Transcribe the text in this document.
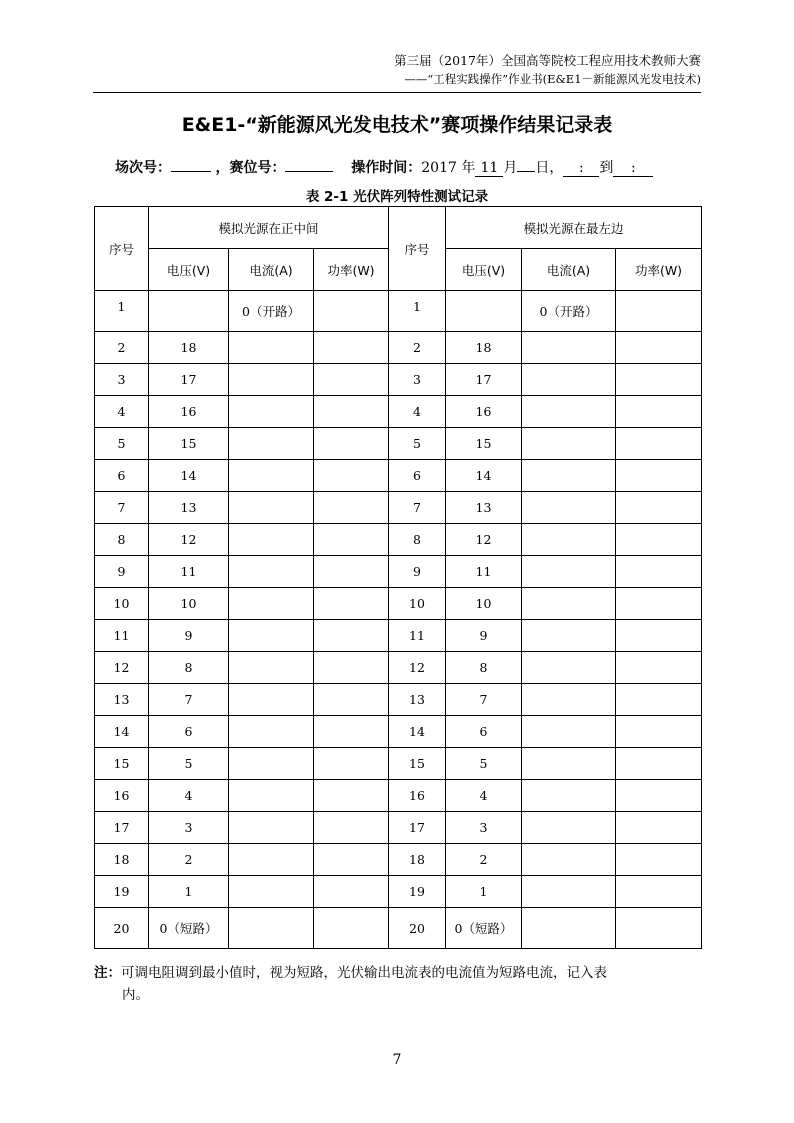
第三届（2017年）全国高等院校工程应用技术教师大赛
——“工程实践操作”作业书(E&E1－新能源风光发电技术)
E&E1-“新能源风光发电技术”赛项操作结果记录表
场次号：	，赛位号：	操作时间：2017 年 11 月 日， : 到 :
表 2-1 光伏阵列特性测试记录
序号	模拟光源在正中间			序号	模拟光源在最左边		
	电压(V)	电流(A)	功率(W)		电压(V)	电流(A)	功率(W)
1		0（开路）		1		0（开路）	
2	18			2	18		
3	17			3	17		
4	16			4	16		
5	15			5	15		
6	14			6	14		
7	13			7	13		
8	12			8	12		
9	11			9	11		
10	10			10	10		
11	9			11	9		
12	8			12	8		
13	7			13	7		
14	6			14	6		
15	5			15	5		
16	4			16	4		
17	3			17	3		
18	2			18	2		
19	1			19	1		
20	0（短路）			20	0（短路）		
注：可调电阻调到最小值时，视为短路，光伏输出电流表的电流值为短路电流，记入表
内。
7
